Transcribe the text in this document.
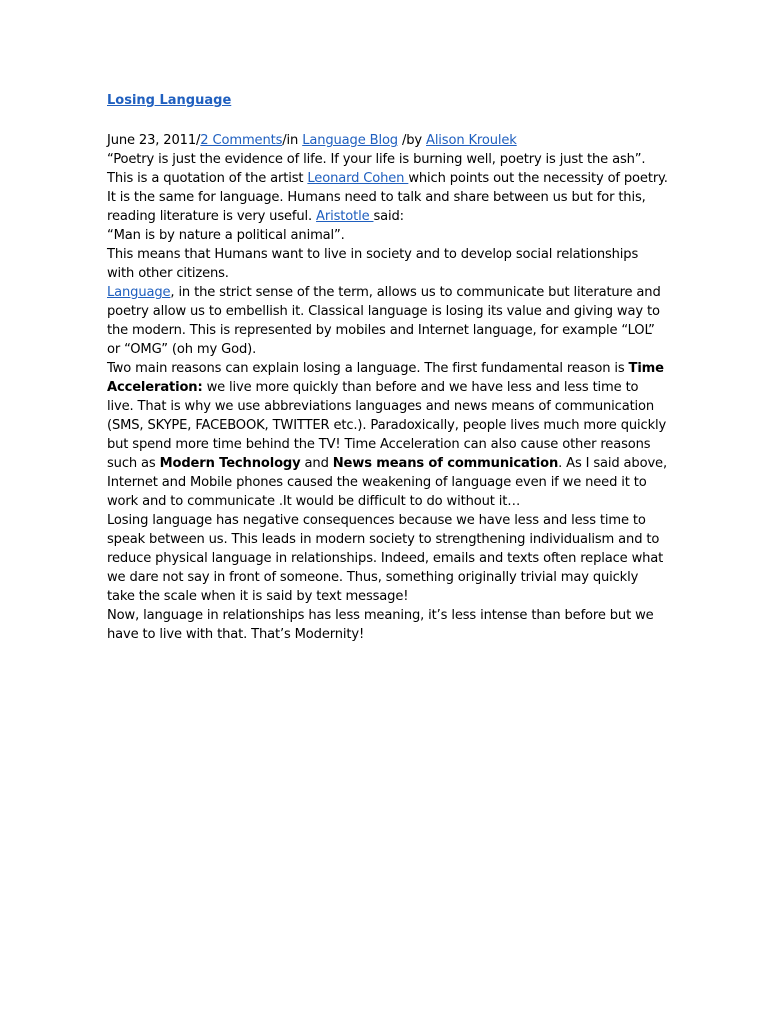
Losing Language

June 23, 2011/2 Comments/in Language Blog /by Alison Kroulek

“Poetry is just the evidence of life. If your life is burning well, poetry is just the ash”.

This is a quotation of the artist Leonard Cohen which points out the necessity of poetry. It is the same for language. Humans need to talk and share between us but for this, reading literature is very useful. Aristotle said:

“Man is by nature a political animal”.

This means that Humans want to live in society and to develop social relationships with other citizens.

Language, in the strict sense of the term, allows us to communicate but literature and poetry allow us to embellish it. Classical language is losing its value and giving way to the modern. This is represented by mobiles and Internet language, for example “LOL” or “OMG” (oh my God).

Two main reasons can explain losing a language. The first fundamental reason is Time Acceleration: we live more quickly than before and we have less and less time to live. That is why we use abbreviations languages and news means of communication (SMS, SKYPE, FACEBOOK, TWITTER etc.). Paradoxically, people lives much more quickly but spend more time behind the TV! Time Acceleration can also cause other reasons such as Modern Technology and News means of communication. As I said above, Internet and Mobile phones caused the weakening of language even if we need it to work and to communicate .It would be difficult to do without it…

Losing language has negative consequences because we have less and less time to speak between us. This leads in modern society to strengthening individualism and to reduce physical language in relationships. Indeed, emails and texts often replace what we dare not say in front of someone. Thus, something originally trivial may quickly take the scale when it is said by text message!

Now, language in relationships has less meaning, it’s less intense than before but we have to live with that. That’s Modernity!
